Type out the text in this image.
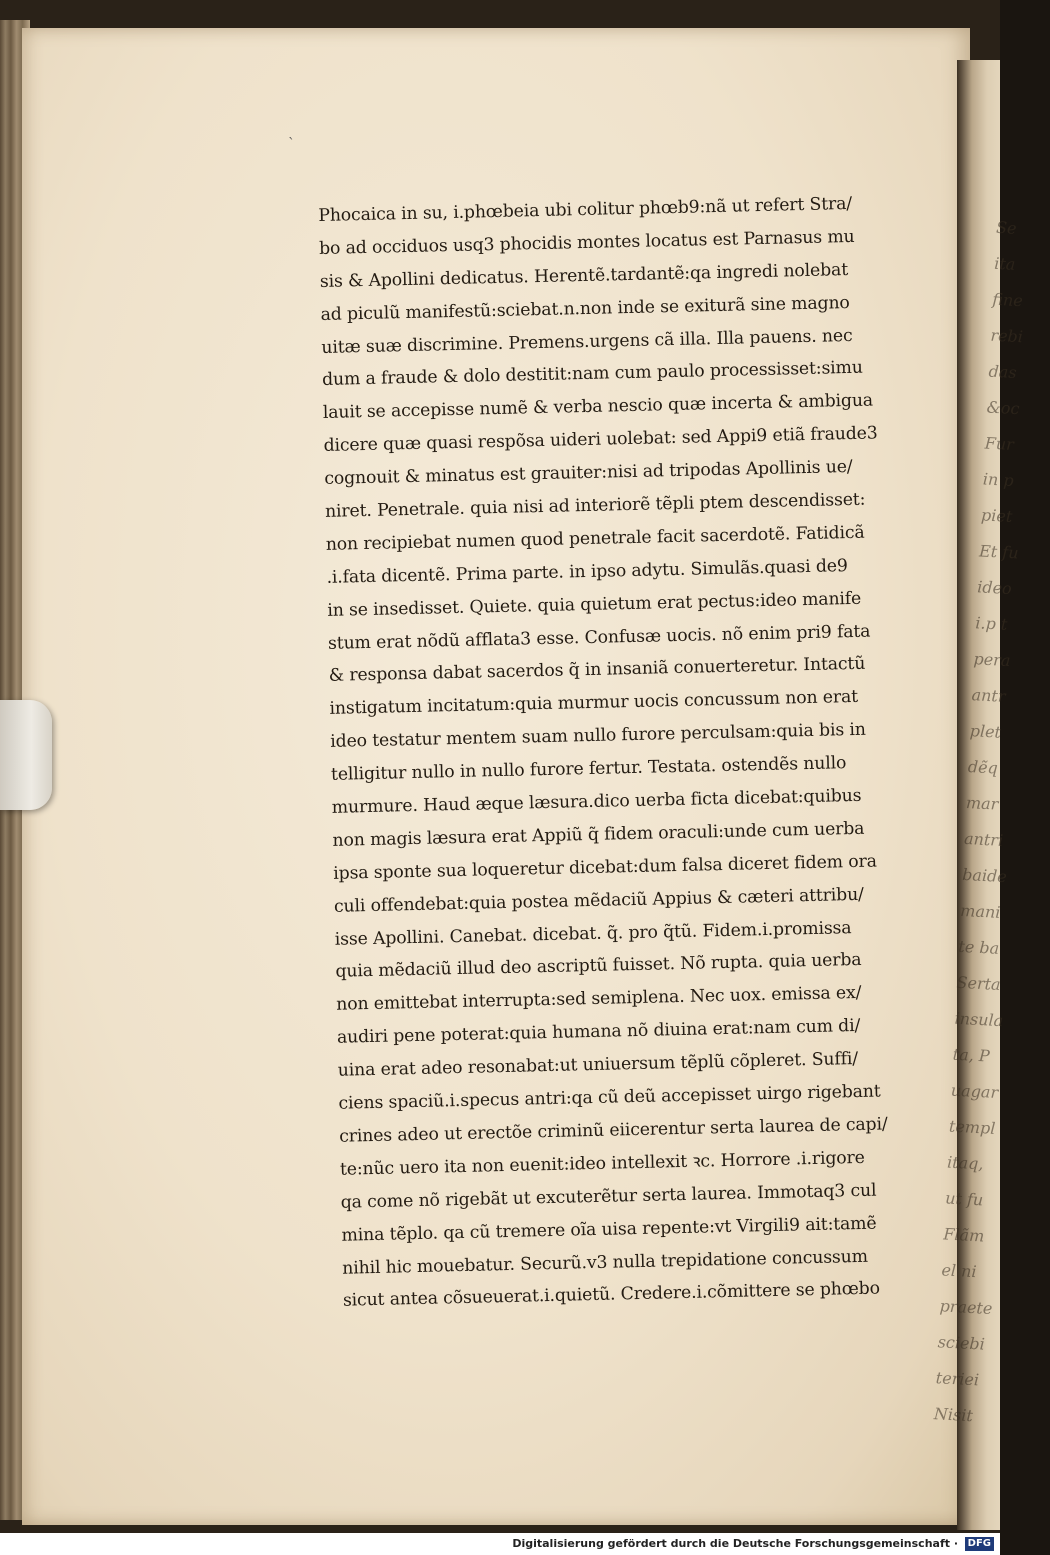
Se
ita
fine
rebi
das
&oc
Fur
in p
piet
Et fu
ideo
i.p t
pera
antr
plet
dẽq
mar
antri
baide
mani
te ba
Serta
insula
ta, P
uagar
templ
itaq,
ut fu
Flãm
el ni
praete
sciebi
teriei
Nisit
ˋ
Phocaica in su, i.phœbeia ubi colitur phœb9:nã ut refert Stra/
bo ad occiduos usq3 phocidis montes locatus est Parnasus mu
sis & Apollini dedicatus. Herentẽ.tardantẽ:qa ingredi nolebat
ad piculũ manifestũ:sciebat.n.non inde se exiturã sine magno
uitæ suæ discrimine. Premens.urgens cã illa. Illa pauens. nec
dum a fraude & dolo destitit:nam cum paulo processisset:simu
lauit se accepisse numẽ & verba nescio quæ incerta & ambigua
dicere quæ quasi respõsa uideri uolebat: sed Appi9 etiã fraude3
cognouit & minatus est grauiter:nisi ad tripodas Apollinis ue/
niret. Penetrale. quia nisi ad interiorẽ tẽpli ptem descendisset:
non recipiebat numen quod penetrale facit sacerdotẽ. Fatidicã
.i.fata dicentẽ. Prima parte. in ipso adytu. Simulãs.quasi de9
in se insedisset. Quiete. quia quietum erat pectus:ideo manife
stum erat nõdũ afflata3 esse. Confusæ uocis. nõ enim pri9 fata
& responsa dabat sacerdos q̃ in insaniã conuerteretur. Intactũ
instigatum incitatum:quia murmur uocis concussum non erat
ideo testatur mentem suam nullo furore perculsam:quia bis in
telligitur nullo in nullo furore fertur. Testata. ostendẽs nullo
murmure. Haud æque læsura.dico uerba ficta dicebat:quibus
non magis læsura erat Appiũ q̃ fidem oraculi:unde cum uerba
ipsa sponte sua loqueretur dicebat:dum falsa diceret fidem ora
culi offendebat:quia postea mẽdaciũ Appius & cæteri attribu/
isse Apollini. Canebat. dicebat. q̃. pro q̃tũ. Fidem.i.promissa
quia mẽdaciũ illud deo ascriptũ fuisset. Nõ rupta. quia uerba
non emittebat interrupta:sed semiplena. Nec uox. emissa ex/
audiri pene poterat:quia humana nõ diuina erat:nam cum di/
uina erat adeo resonabat:ut uniuersum tẽplũ cõpleret. Suffi/
ciens spaciũ.i.specus antri:qa cũ deũ accepisset uirgo rigebant
crines adeo ut erectõe criminũ eiicerentur serta laurea de capi/
te:nũc uero ita non euenit:ideo intellexit ꝛc. Horrore .i.rigore
qa come nõ rigebãt ut excuterẽtur serta laurea. Immotaq3 cul
mina tẽplo. qa cũ tremere oĩa uisa repente:vt Virgili9 ait:tamẽ
nihil hic mouebatur. Securũ.v3 nulla trepidatione concussum
sicut antea cõsueuerat.i.quietũ. Credere.i.cõmittere se phœbo
Digitalisierung gefördert durch die Deutsche Forschungsgemeinschaft · DFG
